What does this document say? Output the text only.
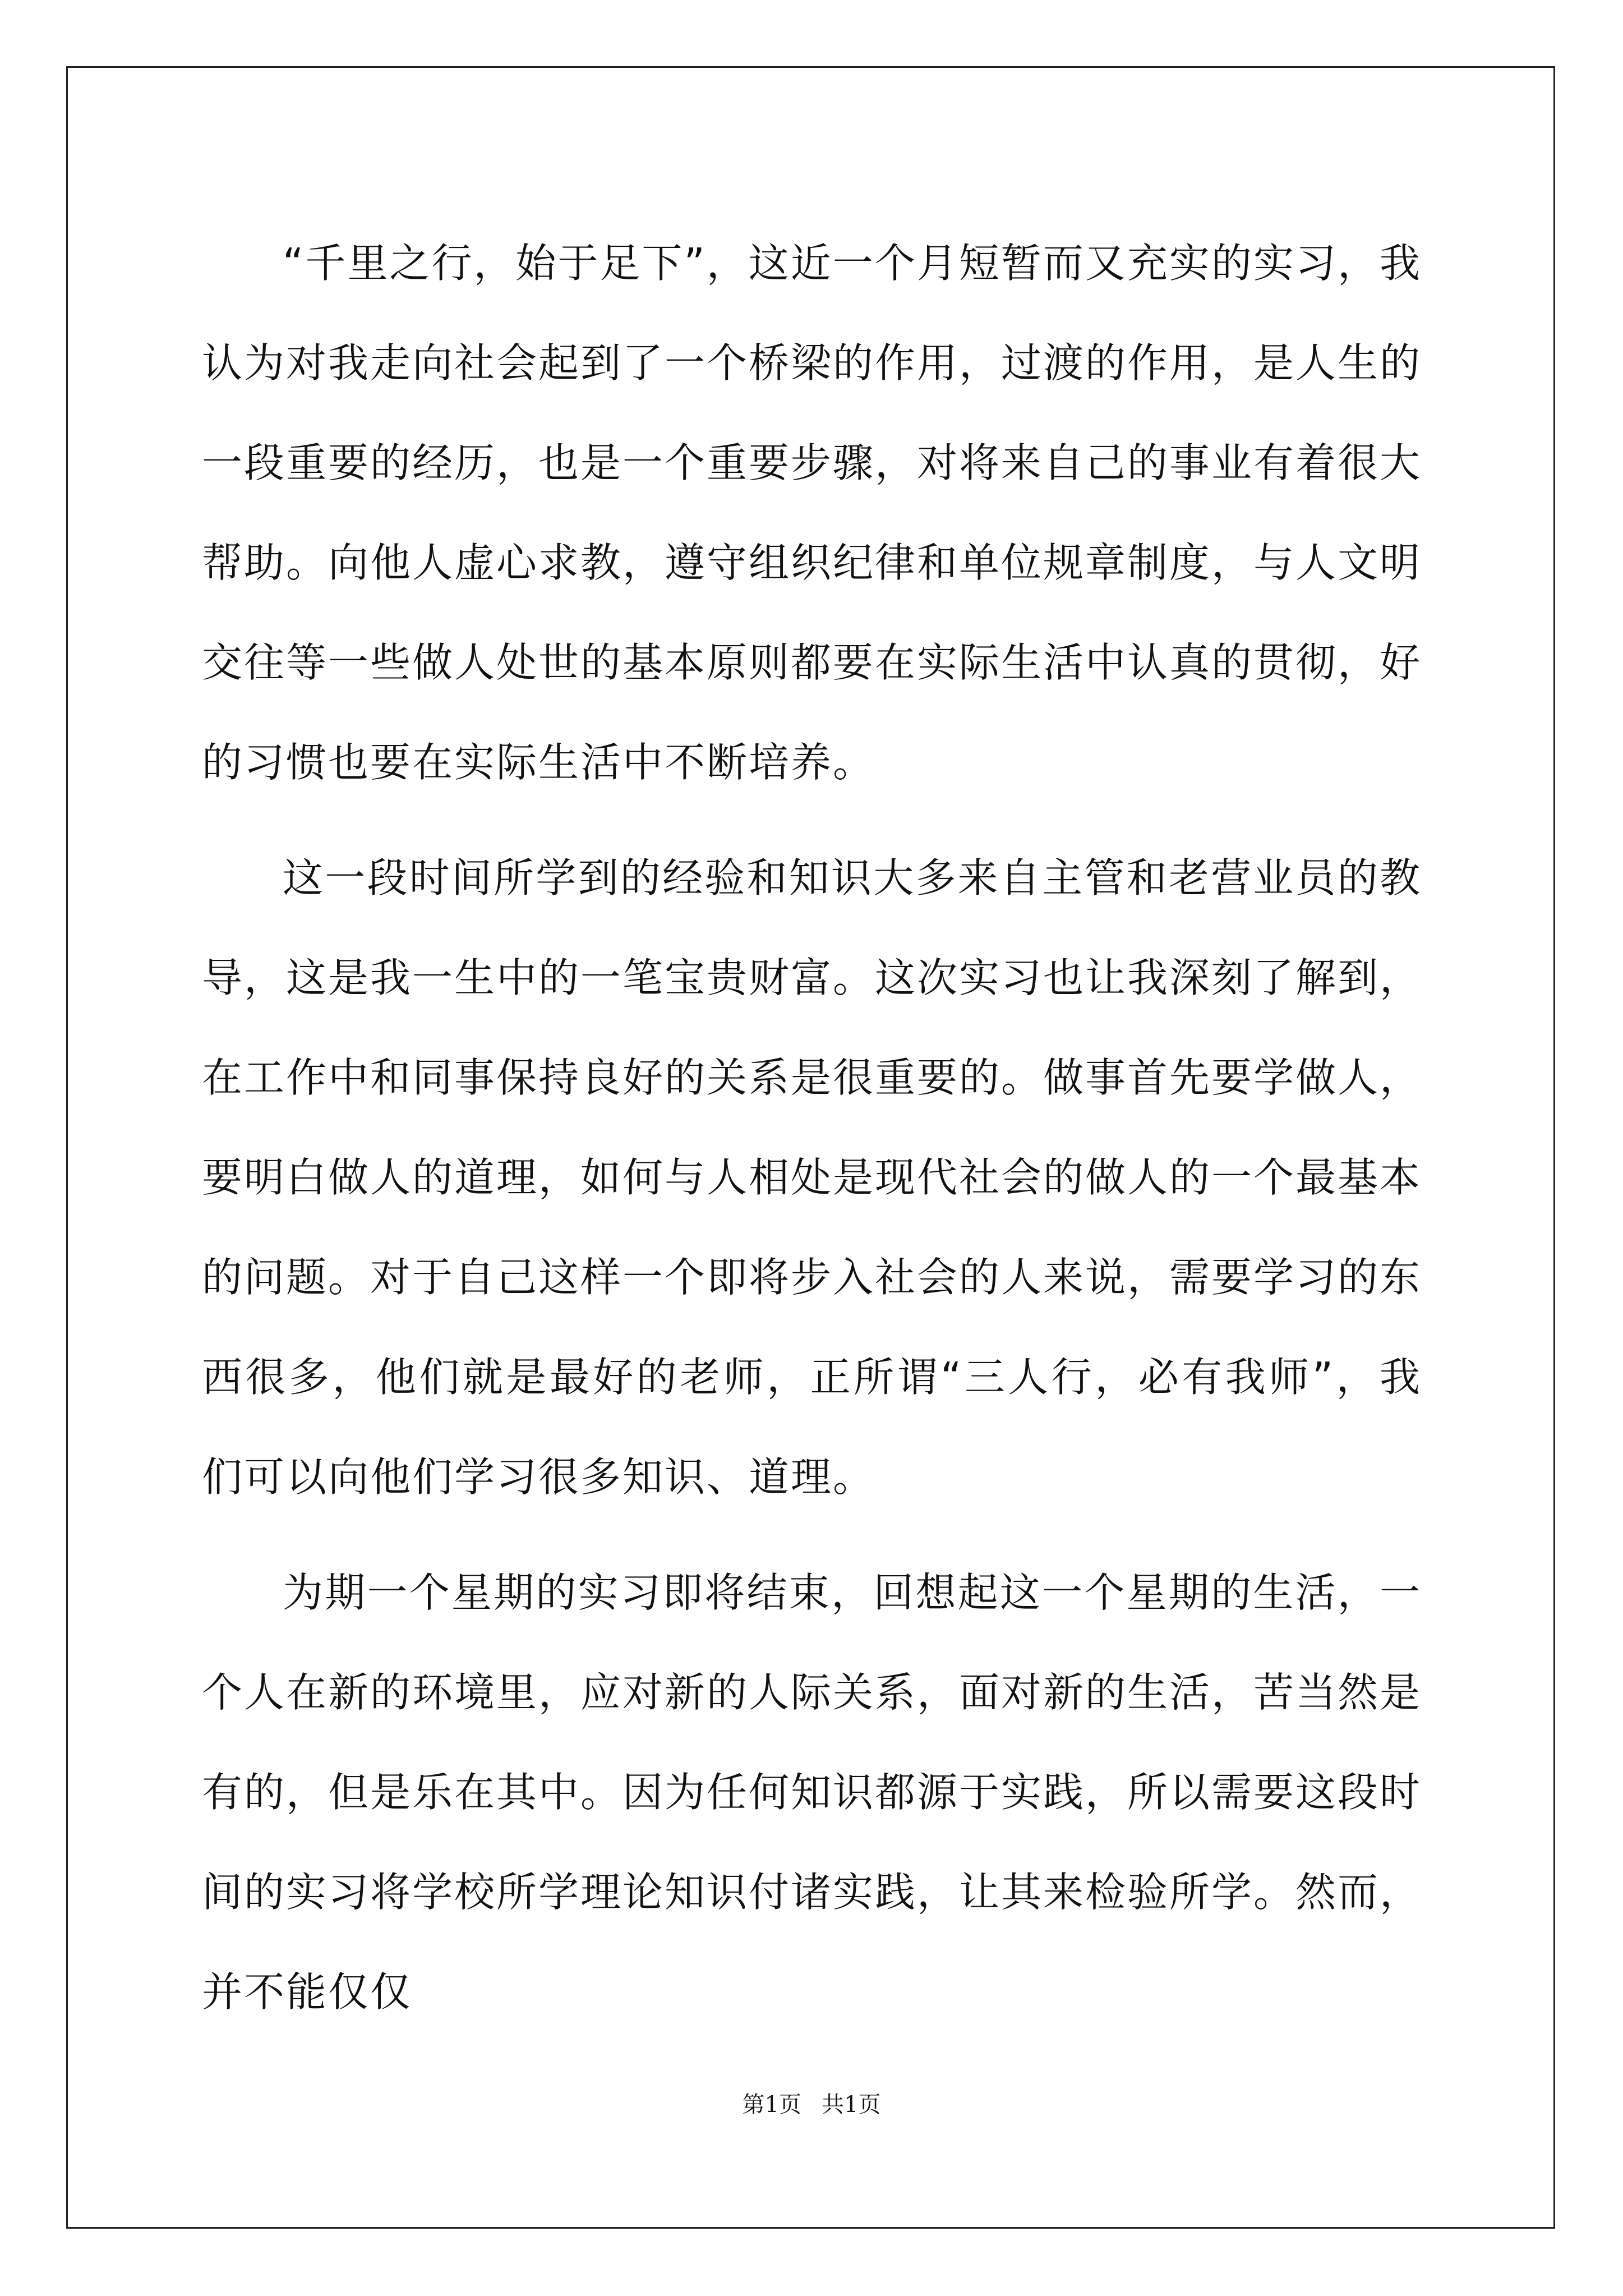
“千里之行，始于足下”，这近一个月短暂而又充实的实习，我认为对我走向社会起到了一个桥梁的作用，过渡的作用，是人生的一段重要的经历，也是一个重要步骤，对将来自己的事业有着很大帮助。向他人虚心求教，遵守组织纪律和单位规章制度，与人文明交往等一些做人处世的基本原则都要在实际生活中认真的贯彻，好的习惯也要在实际生活中不断培养。

这一段时间所学到的经验和知识大多来自主管和老营业员的教导，这是我一生中的一笔宝贵财富。这次实习也让我深刻了解到，在工作中和同事保持良好的关系是很重要的。做事首先要学做人，要明白做人的道理，如何与人相处是现代社会的做人的一个最基本的问题。对于自己这样一个即将步入社会的人来说，需要学习的东西很多，他们就是最好的老师，正所谓“三人行，必有我师”，我们可以向他们学习很多知识、道理。

为期一个星期的实习即将结束，回想起这一个星期的生活，一个人在新的环境里，应对新的人际关系，面对新的生活，苦当然是有的，但是乐在其中。因为任何知识都源于实践，所以需要这段时间的实习将学校所学理论知识付诸实践，让其来检验所学。然而，并不能仅仅

第1页 共1页
